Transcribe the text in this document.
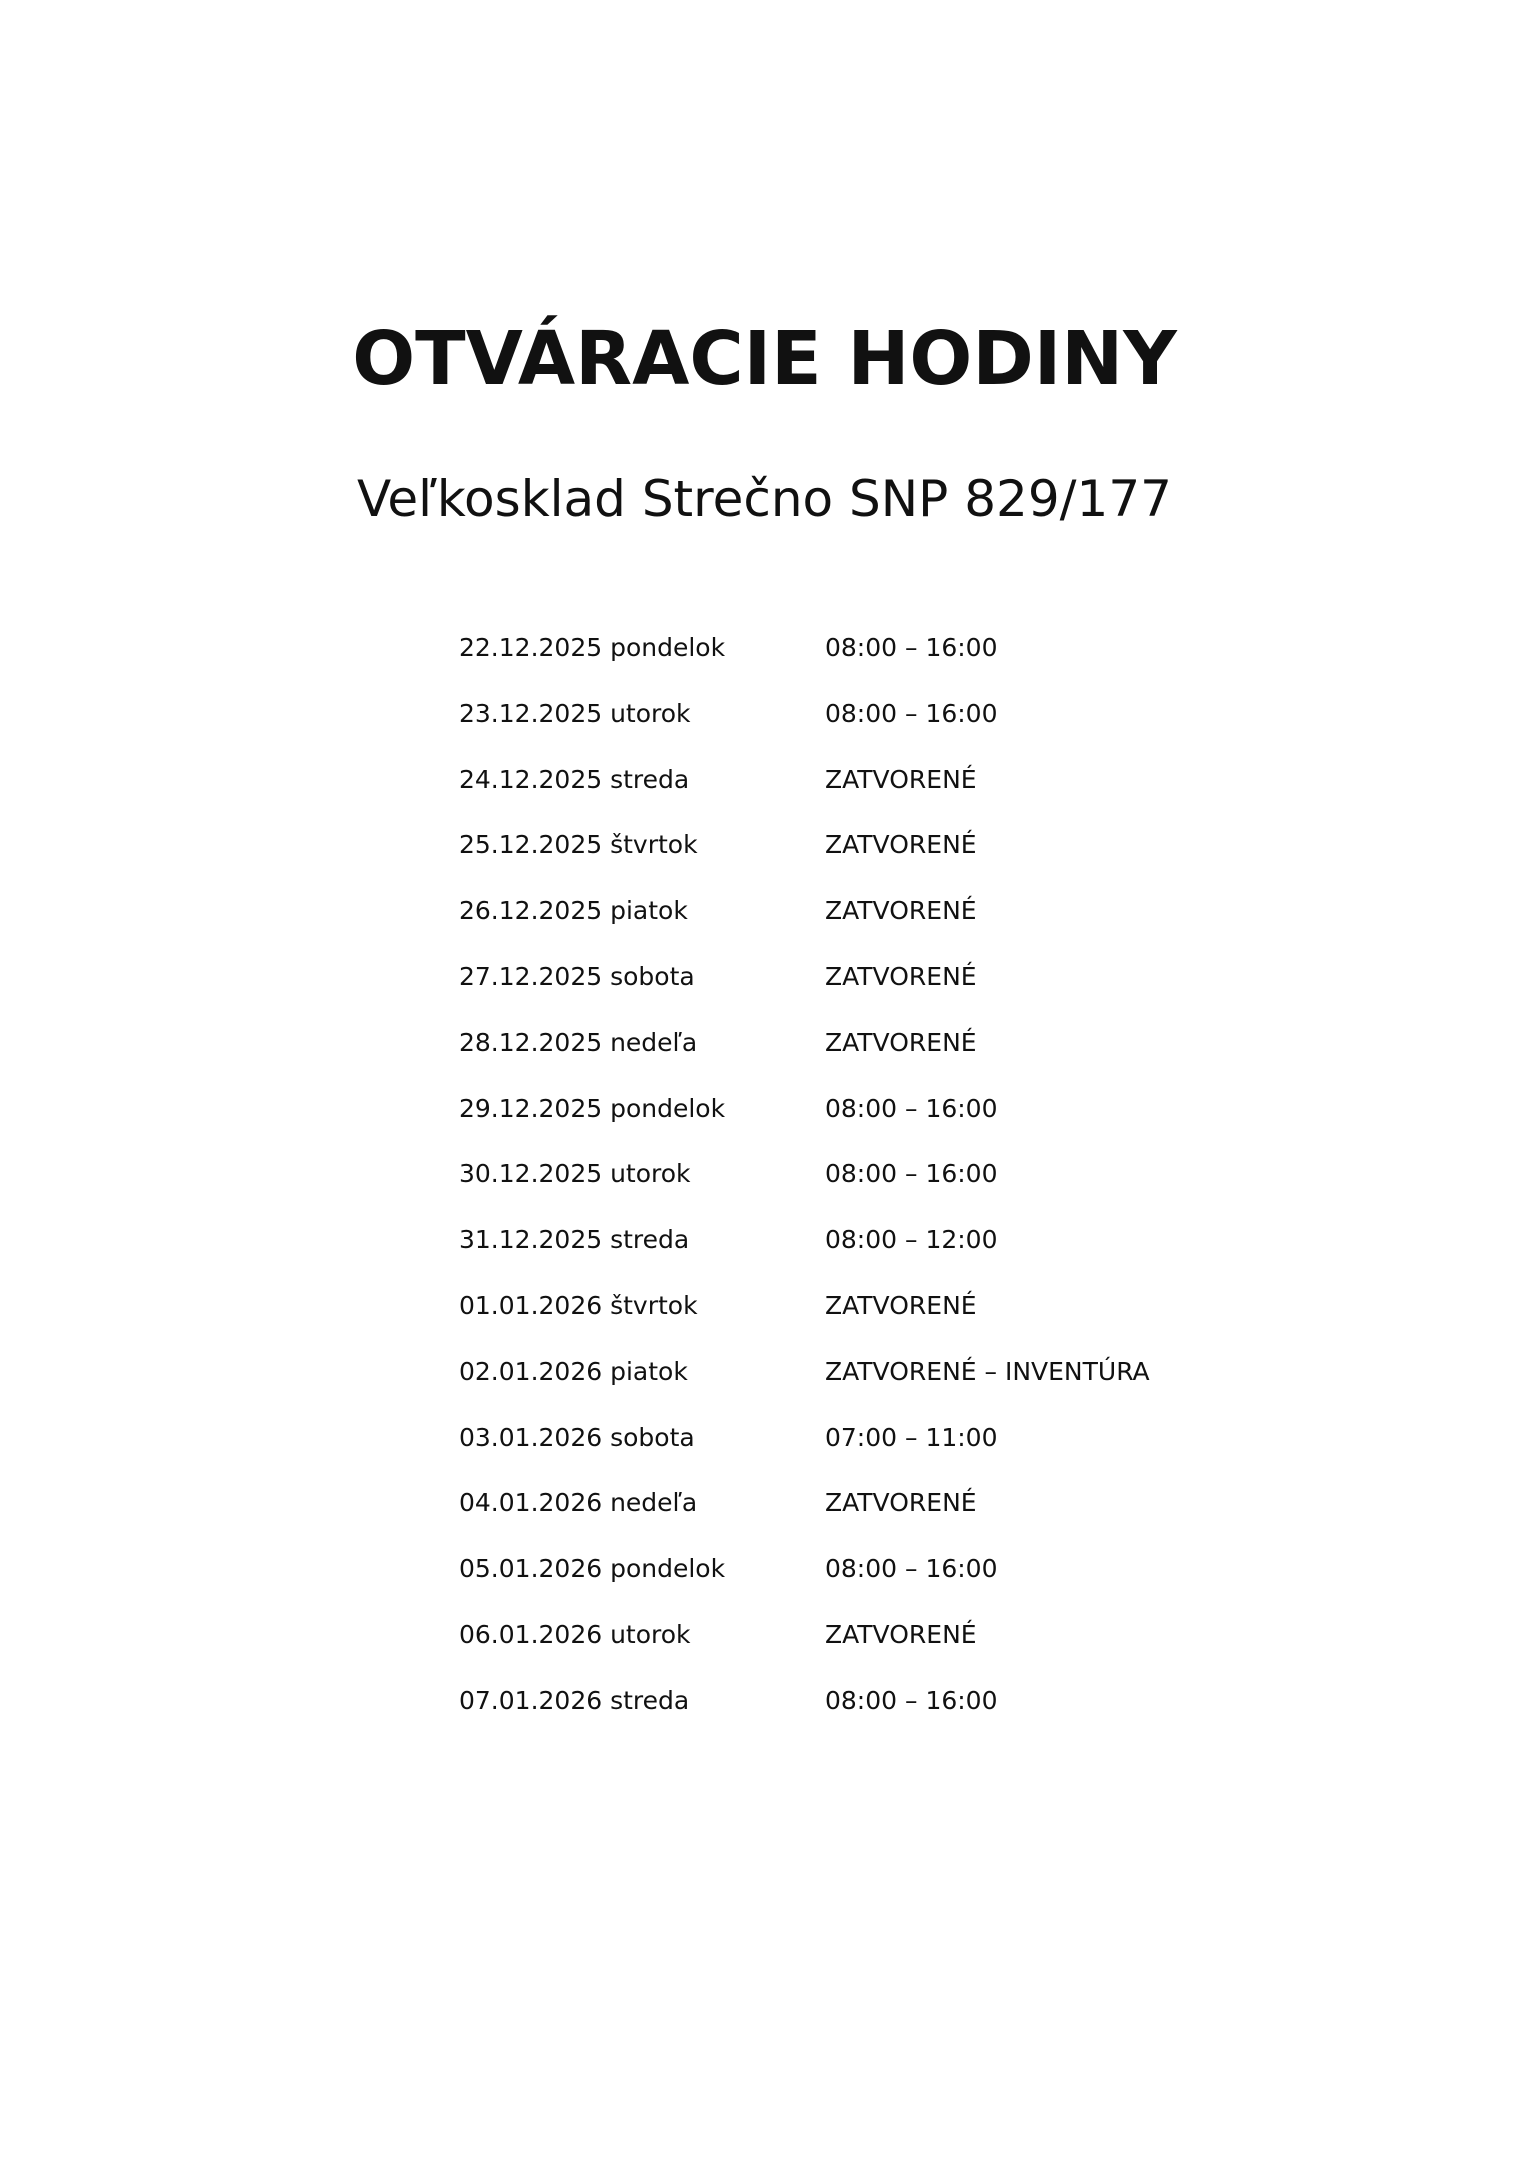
OTVÁRACIE HODINY
Veľkosklad Strečno SNP 829/177
22.12.2025 pondelok	08:00 – 16:00
23.12.2025 utorok	08:00 – 16:00
24.12.2025 streda	ZATVORENÉ
25.12.2025 štvrtok	ZATVORENÉ
26.12.2025 piatok	ZATVORENÉ
27.12.2025 sobota	ZATVORENÉ
28.12.2025 nedeľa	ZATVORENÉ
29.12.2025 pondelok	08:00 – 16:00
30.12.2025 utorok	08:00 – 16:00
31.12.2025 streda	08:00 – 12:00
01.01.2026 štvrtok	ZATVORENÉ
02.01.2026 piatok	ZATVORENÉ – INVENTÚRA
03.01.2026 sobota	07:00 – 11:00
04.01.2026 nedeľa	ZATVORENÉ
05.01.2026 pondelok	08:00 – 16:00
06.01.2026 utorok	ZATVORENÉ
07.01.2026 streda	08:00 – 16:00
